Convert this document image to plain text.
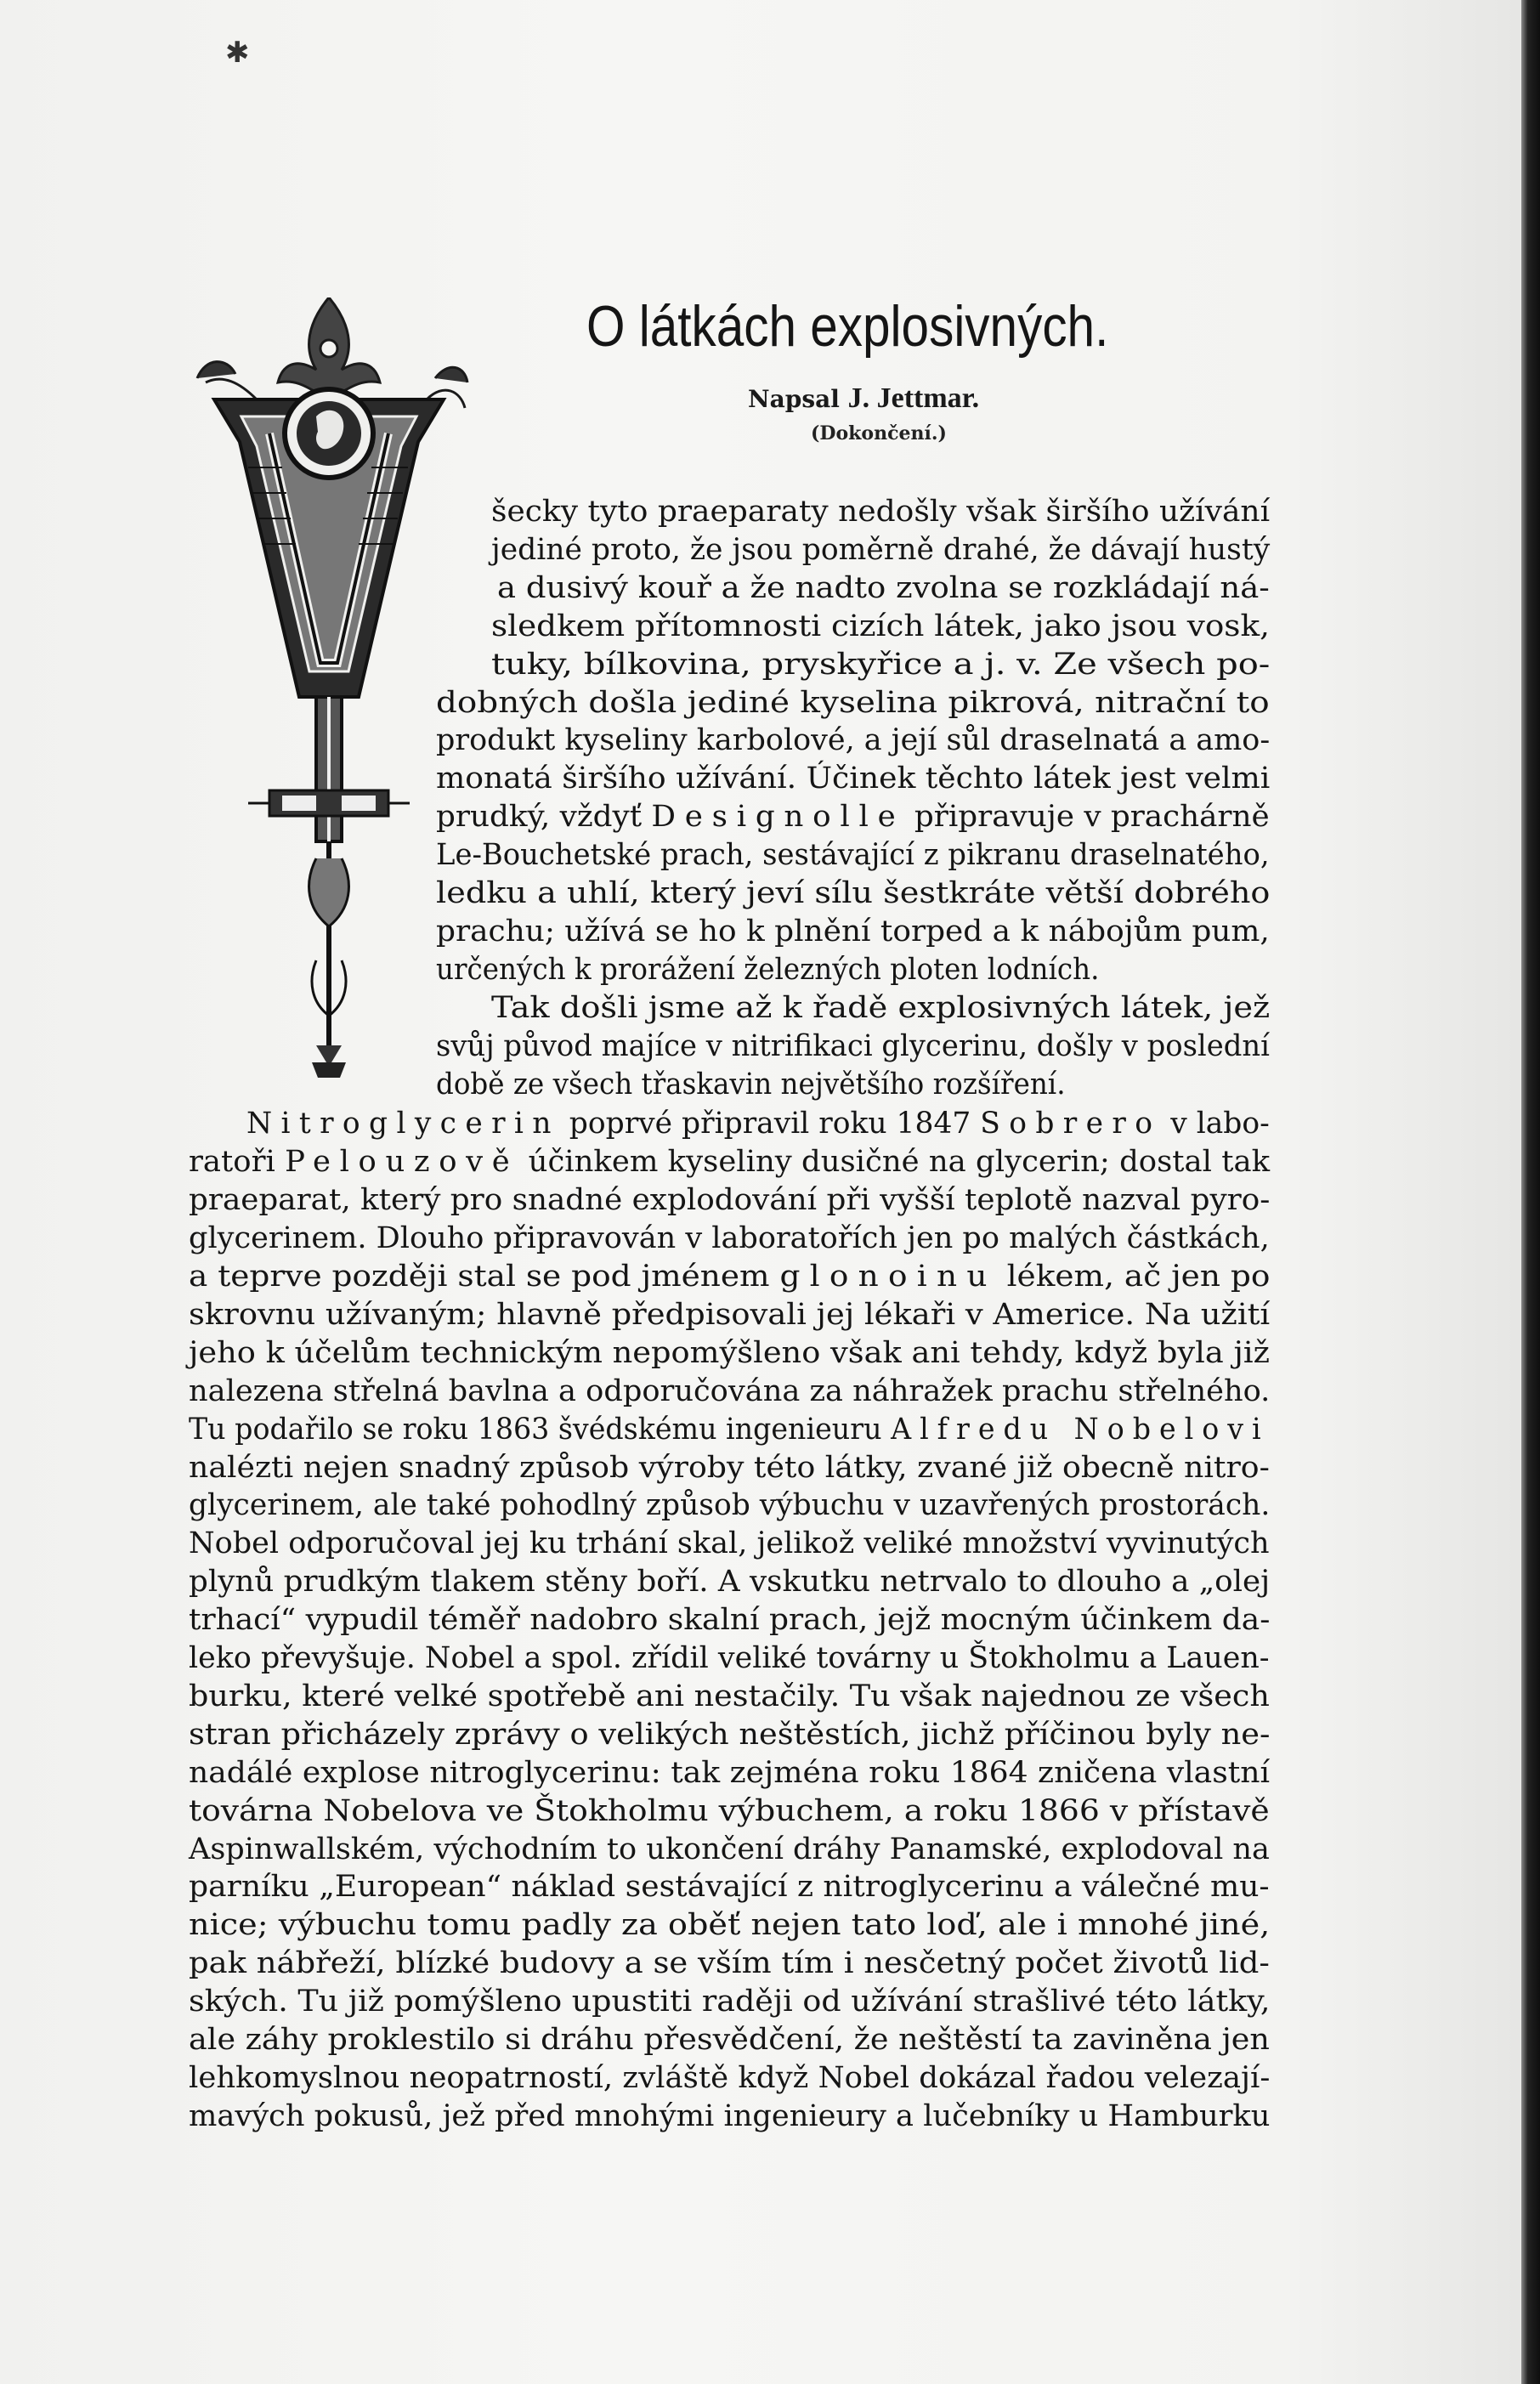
✱
O látkách explosivných.
Napsal J. Jettmar.
(Dokončení.)
šecky tyto praeparaty nedošly však širšího užívání
jediné proto, že jsou poměrně drahé, že dávají hustý
a dusivý kouř a že nadto zvolna se rozkládají ná-
sledkem přítomnosti cizích látek, jako jsou vosk,
tuky, bílkovina, pryskyřice a j. v. Ze všech po-
dobných došla jediné kyselina pikrová, nitrační to
produkt kyseliny karbolové, a její sůl draselnatá a amo-
monatá širšího užívání. Účinek těchto látek jest velmi
prudký, vždyť Designolle připravuje v prachárně
Le-Bouchetské prach, sestávající z pikranu draselnatého,
ledku a uhlí, který jeví sílu šestkráte větší dobrého
prachu; užívá se ho k plnění torped a k nábojům pum,
určených k prorážení železných ploten lodních.
Tak došli jsme až k řadě explosivných látek, jež
svůj původ majíce v nitrifikaci glycerinu, došly v poslední
době ze všech třaskavin největšího rozšíření.
Nitroglycerin poprvé připravil roku 1847 Sobrero v labo-
ratoři Pelouzově účinkem kyseliny dusičné na glycerin; dostal tak
praeparat, který pro snadné explodování při vyšší teplotě nazval pyro-
glycerinem. Dlouho připravován v laboratořích jen po malých částkách,
a teprve později stal se pod jménem glonoinu lékem, ač jen po
skrovnu užívaným; hlavně předpisovali jej lékaři v Americe. Na užití
jeho k účelům technickým nepomýšleno však ani tehdy, když byla již
nalezena střelná bavlna a odporučována za náhražek prachu střelného.
Tu podařilo se roku 1863 švédskému ingenieuru Alfredu Nobelovi
nalézti nejen snadný způsob výroby této látky, zvané již obecně nitro-
glycerinem, ale také pohodlný způsob výbuchu v uzavřených prostorách.
Nobel odporučoval jej ku trhání skal, jelikož veliké množství vyvinutých
plynů prudkým tlakem stěny boří. A vskutku netrvalo to dlouho a „olej
trhací“ vypudil téměř nadobro skalní prach, jejž mocným účinkem da-
leko převyšuje. Nobel a spol. zřídil veliké továrny u Štokholmu a Lauen-
burku, které velké spotřebě ani nestačily. Tu však najednou ze všech
stran přicházely zprávy o velikých neštěstích, jichž příčinou byly ne-
nadálé explose nitroglycerinu: tak zejména roku 1864 zničena vlastní
továrna Nobelova ve Štokholmu výbuchem, a roku 1866 v přístavě
Aspinwallském, východním to ukončení dráhy Panamské, explodoval na
parníku „European“ náklad sestávající z nitroglycerinu a válečné mu-
nice; výbuchu tomu padly za oběť nejen tato loď, ale i mnohé jiné,
pak nábřeží, blízké budovy a se vším tím i nesčetný počet životů lid-
ských. Tu již pomýšleno upustiti raději od užívání strašlivé této látky,
ale záhy proklestilo si dráhu přesvědčení, že neštěstí ta zaviněna jen
lehkomyslnou neopatrností, zvláště když Nobel dokázal řadou velezají-
mavých pokusů, jež před mnohými ingenieury a lučebníky u Hamburku
